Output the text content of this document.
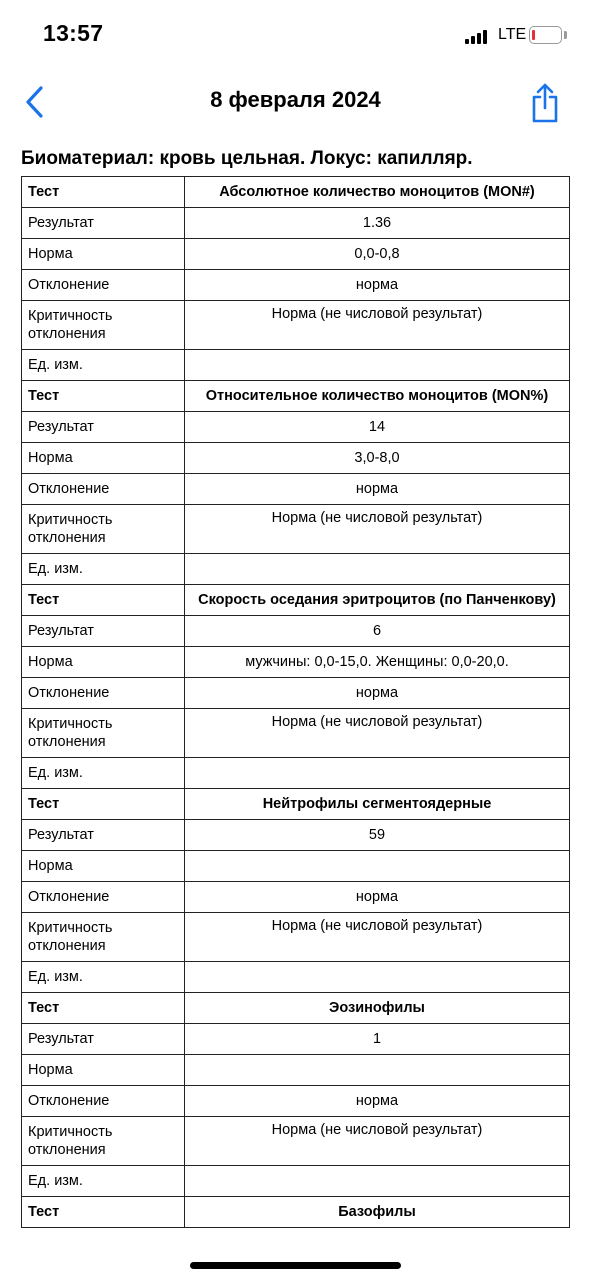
13:57	LTE
8 февраля 2024
Биоматериал: кровь цельная. Локус: капилляр.
Тест	Абсолютное количество моноцитов (MON#)
Результат	1.36
Норма	0,0-0,8
Отклонение	норма
Критичность отклонения	Норма (не числовой результат)
Ед. изм.	
Тест	Относительное количество моноцитов (MON%)
Результат	14
Норма	3,0-8,0
Отклонение	норма
Критичность отклонения	Норма (не числовой результат)
Ед. изм.	
Тест	Скорость оседания эритроцитов (по Панченкову)
Результат	6
Норма	мужчины: 0,0-15,0. Женщины: 0,0-20,0.
Отклонение	норма
Критичность отклонения	Норма (не числовой результат)
Ед. изм.	
Тест	Нейтрофилы сегментоядерные
Результат	59
Норма	
Отклонение	норма
Критичность отклонения	Норма (не числовой результат)
Ед. изм.	
Тест	Эозинофилы
Результат	1
Норма	
Отклонение	норма
Критичность отклонения	Норма (не числовой результат)
Ед. изм.	
Тест	Базофилы
